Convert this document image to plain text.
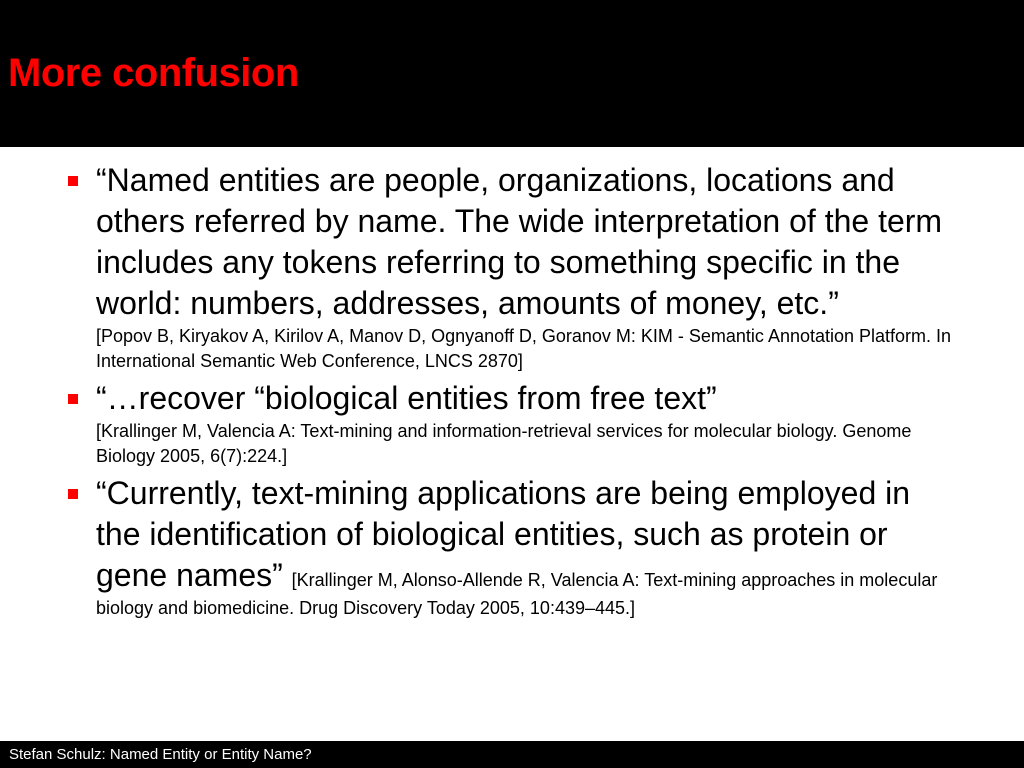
More confusion
“Named entities are people, organizations, locations and others referred by name. The wide interpretation of the term includes any tokens referring to something specific in the world: numbers, addresses, amounts of money, etc.”
[Popov B, Kiryakov A, Kirilov A, Manov D, Ognyanoff D, Goranov M: KIM - Semantic Annotation Platform. In International Semantic Web Conference, LNCS 2870]
“…recover “biological entities from free text”
[Krallinger M, Valencia A: Text-mining and information-retrieval services for molecular biology. Genome Biology 2005, 6(7):224.]
“Currently, text-mining applications are being employed in the identification of biological entities, such as protein or gene names” [Krallinger M, Alonso-Allende R, Valencia A: Text-mining approaches in molecular biology and biomedicine. Drug Discovery Today 2005, 10:439–445.]
Stefan Schulz: Named Entity or Entity Name?
